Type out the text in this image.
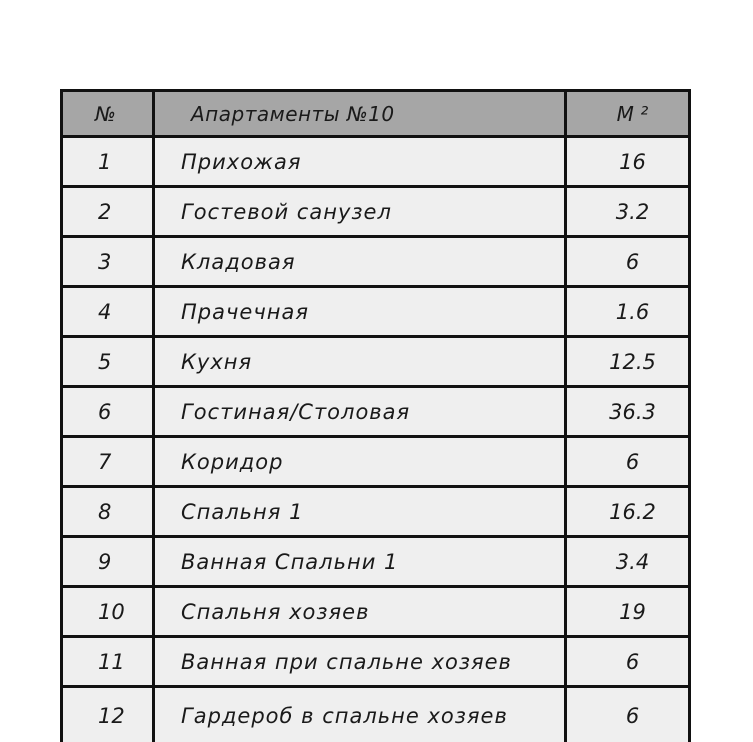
№	Апартаменты №10	М ²
1	Прихожая	16
2	Гостевой санузел	3.2
3	Кладовая	6
4	Прачечная	1.6
5	Кухня	12.5
6	Гостиная/Столовая	36.3
7	Коридор	6
8	Спальня 1	16.2
9	Ванная Спальни 1	3.4
10	Спальня хозяев	19
11	Ванная при спальне хозяев	6
12	Гардероб в спальне хозяев	6
